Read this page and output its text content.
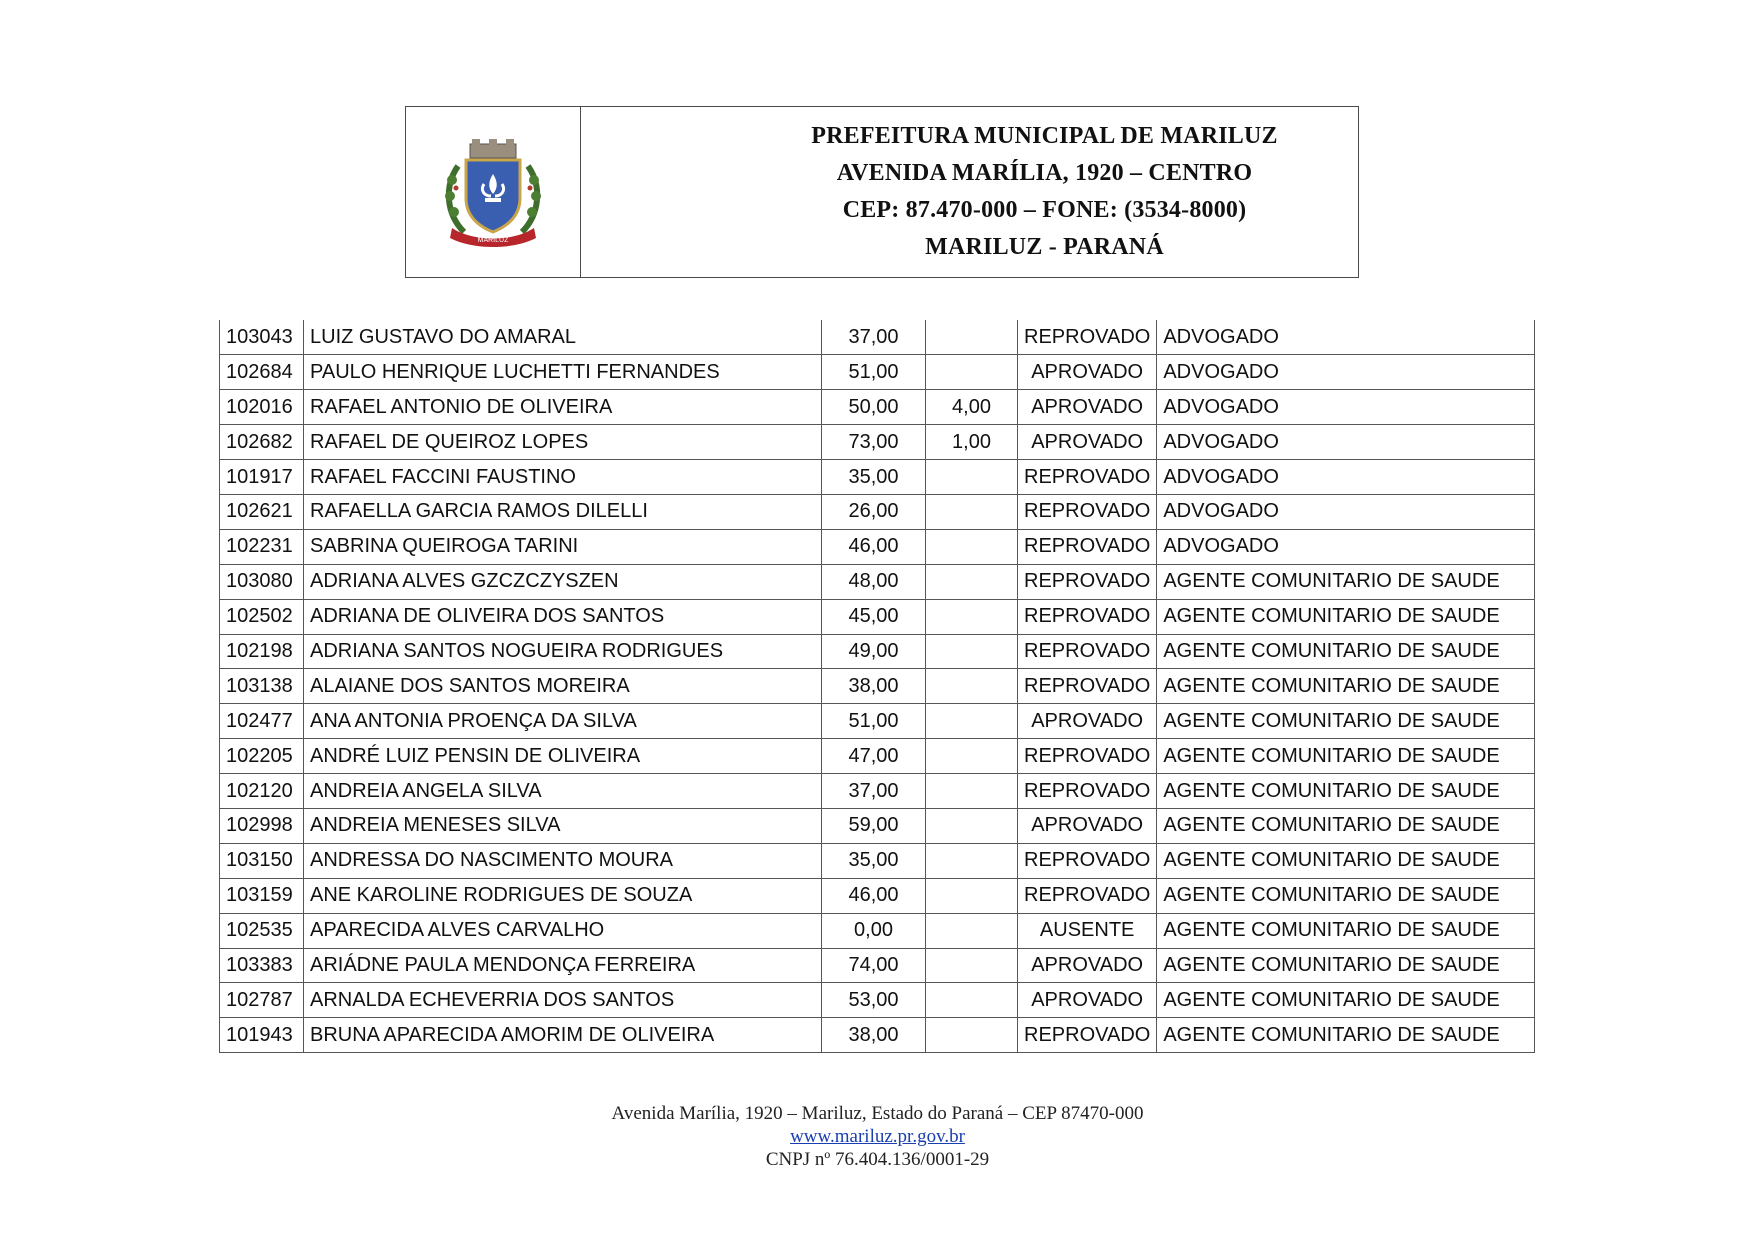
MARILUZ
PREFEITURA MUNICIPAL DE MARILUZ
AVENIDA MARÍLIA, 1920 – CENTRO
CEP: 87.470-000 – FONE: (3534-8000)
MARILUZ - PARANÁ
103043	LUIZ GUSTAVO DO AMARAL	37,00		REPROVADO	ADVOGADO
102684	PAULO HENRIQUE LUCHETTI FERNANDES	51,00		APROVADO	ADVOGADO
102016	RAFAEL ANTONIO DE OLIVEIRA	50,00	4,00	APROVADO	ADVOGADO
102682	RAFAEL DE QUEIROZ LOPES	73,00	1,00	APROVADO	ADVOGADO
101917	RAFAEL FACCINI FAUSTINO	35,00		REPROVADO	ADVOGADO
102621	RAFAELLA GARCIA RAMOS DILELLI	26,00		REPROVADO	ADVOGADO
102231	SABRINA QUEIROGA TARINI	46,00		REPROVADO	ADVOGADO
103080	ADRIANA ALVES GZCZCZYSZEN	48,00		REPROVADO	AGENTE COMUNITARIO DE SAUDE
102502	ADRIANA DE OLIVEIRA DOS SANTOS	45,00		REPROVADO	AGENTE COMUNITARIO DE SAUDE
102198	ADRIANA SANTOS NOGUEIRA RODRIGUES	49,00		REPROVADO	AGENTE COMUNITARIO DE SAUDE
103138	ALAIANE DOS SANTOS MOREIRA	38,00		REPROVADO	AGENTE COMUNITARIO DE SAUDE
102477	ANA ANTONIA PROENÇA DA SILVA	51,00		APROVADO	AGENTE COMUNITARIO DE SAUDE
102205	ANDRÉ LUIZ PENSIN DE OLIVEIRA	47,00		REPROVADO	AGENTE COMUNITARIO DE SAUDE
102120	ANDREIA ANGELA SILVA	37,00		REPROVADO	AGENTE COMUNITARIO DE SAUDE
102998	ANDREIA MENESES SILVA	59,00		APROVADO	AGENTE COMUNITARIO DE SAUDE
103150	ANDRESSA DO NASCIMENTO MOURA	35,00		REPROVADO	AGENTE COMUNITARIO DE SAUDE
103159	ANE KAROLINE RODRIGUES DE SOUZA	46,00		REPROVADO	AGENTE COMUNITARIO DE SAUDE
102535	APARECIDA ALVES CARVALHO	0,00		AUSENTE	AGENTE COMUNITARIO DE SAUDE
103383	ARIÁDNE PAULA MENDONÇA FERREIRA	74,00		APROVADO	AGENTE COMUNITARIO DE SAUDE
102787	ARNALDA ECHEVERRIA DOS SANTOS	53,00		APROVADO	AGENTE COMUNITARIO DE SAUDE
101943	BRUNA APARECIDA AMORIM DE OLIVEIRA	38,00		REPROVADO	AGENTE COMUNITARIO DE SAUDE
Avenida Marília, 1920 – Mariluz, Estado do Paraná – CEP 87470-000
www.mariluz.pr.gov.br
CNPJ nº 76.404.136/0001-29
